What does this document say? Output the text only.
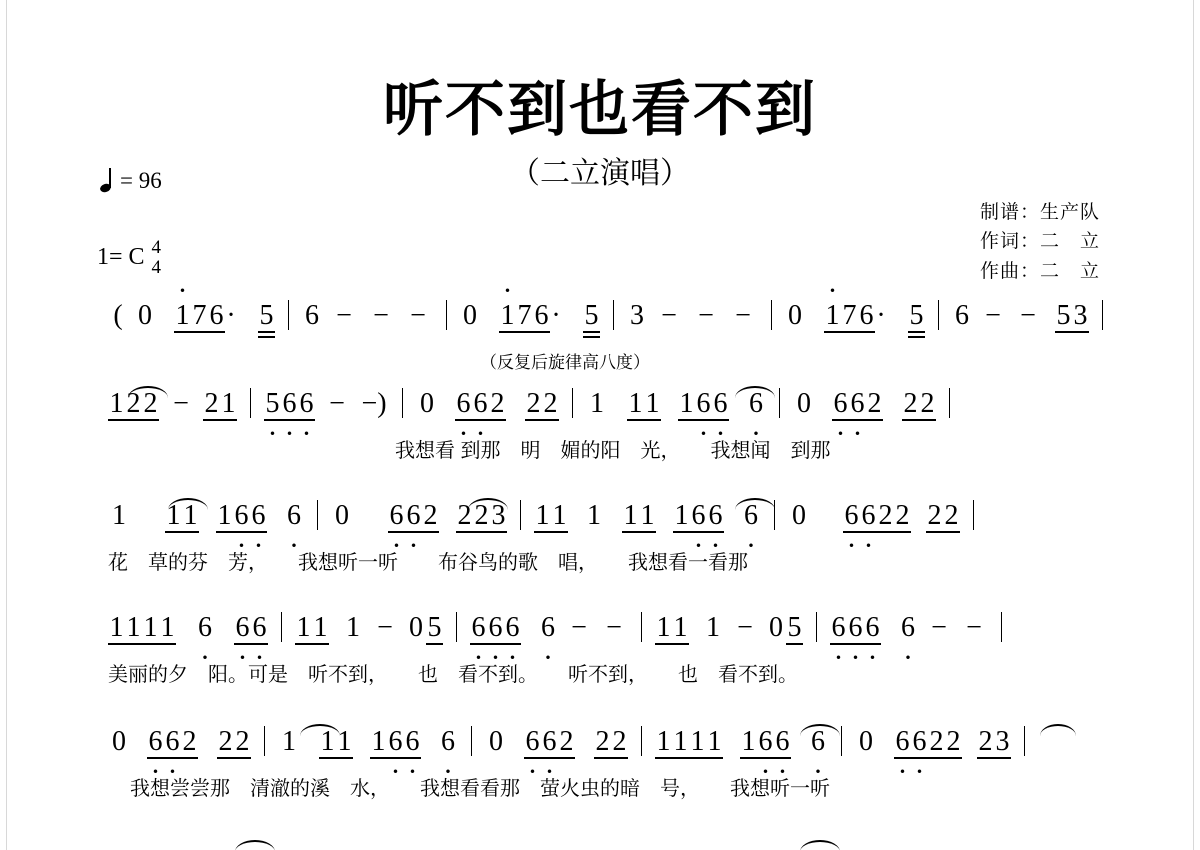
听不到也看不到
（二立演唱）
= 96
1= C 4
4
制谱：生产队
作词：二　立
作曲：二　立
( 0 · 1 7 6 · 5 6 − − − 0 · 1 7 6 · 5 3 − − − 0 · 1 7 6 · 5 6 − − 5 3
（反复后旋律高八度）
1 2 2 − 2 1 · 5 · 6 · 6 − −) 0 · 6 · 6 2 2 2 1 1 1 1 · 6 · 6 · 6 0 · 6 · 6 2 2 2
我想看 到那　明　媚的阳　光，　　我想闻　到那
1 1 1 1 · 6 · 6 · 6 0 · 6 · 6 2 2 2 3 1 1 1 1 1 1 · 6 · 6 · 6 0 · 6 · 6 2 2 2 2
花　草的芬　芳，　　我想听一听　　布谷鸟的歌　唱，　　我想看一看那
1 1 1 1 · 6 · 6 · 6 1 1 1 − 0 5 · 6 · 6 · 6 · 6 − − 1 1 1 − 0 5 · 6 · 6 · 6 · 6 − −
美丽的夕　阳。可是　听不到，　　也　看不到。　　听不到，　　也　看不到。
0 · 6 · 6 2 2 2 1 1 1 1 · 6 · 6 · 6 0 · 6 · 6 2 2 2 1 1 1 1 1 · 6 · 6 · 6 0 · 6 · 6 2 2 2 3
我想尝尝那　清澈的溪　水，　　我想看看那　萤火虫的暗　号，　　我想听一听
